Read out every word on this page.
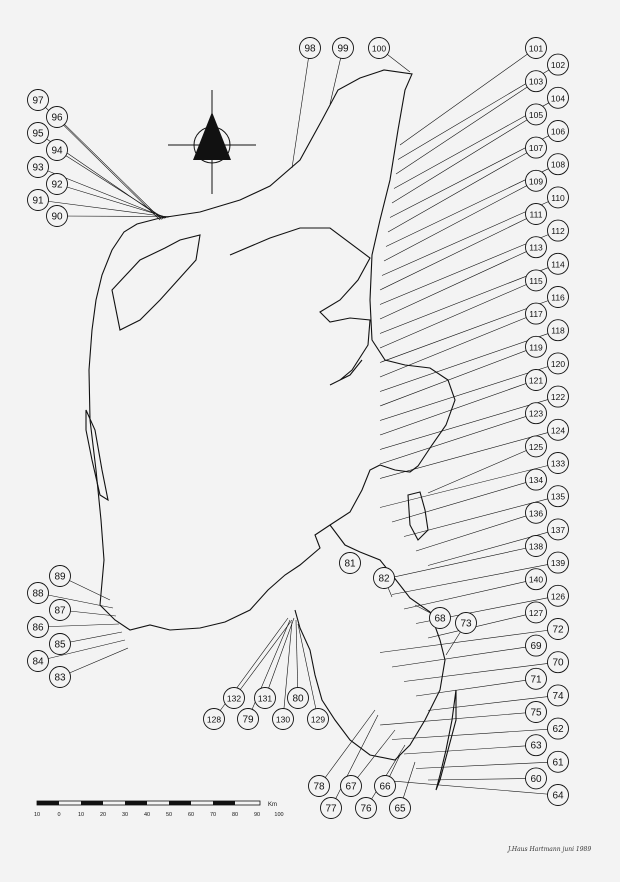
97
96
95
94
93
92
91
90
98 99	100	101
102
103
104
105
106
107
108
109
110
111
112
113
114
115
116
117
118
119
120
121
122
123
124
125
133
134
135
136
137
138
139
140
126
127
72
69
70
71
74
75
62
63
61
60
64
89
88
87
86
85
84
83
81
82
68 73
132 131 80
128 79	130 129
78 67 66
77 76 65
10	0	10	20	30	40	50	60	70	80	90	100
Km
J.Haus Hartmann juni 1989
